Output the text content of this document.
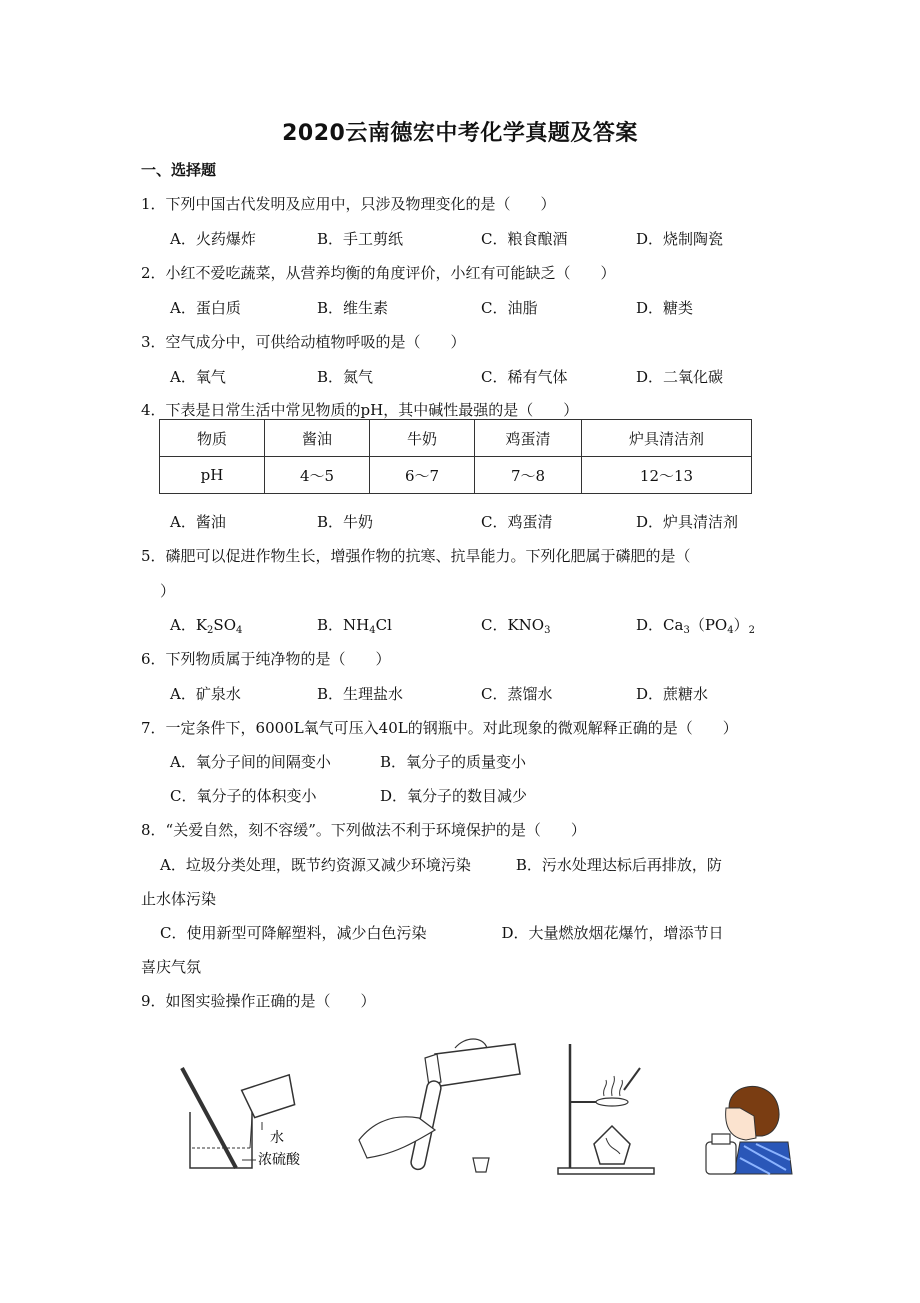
2020云南德宏中考化学真题及答案
一、选择题
1．下列中国古代发明及应用中，只涉及物理变化的是（　　）
A．火药爆炸	B．手工剪纸	C．粮食酿酒	D．烧制陶瓷
2．小红不爱吃蔬菜，从营养均衡的角度评价，小红有可能缺乏（　　）
A．蛋白质	B．维生素	C．油脂	D．糖类
3．空气成分中，可供给动植物呼吸的是（　　）
A．氧气	B．氮气	C．稀有气体	D．二氧化碳
4．下表是日常生活中常见物质的pH，其中碱性最强的是（　　）
物质	酱油	牛奶	鸡蛋清	炉具清洁剂
pH	4～5	6～7	7～8	12～13
A．酱油	B．牛奶	C．鸡蛋清	D．炉具清洁剂
5．磷肥可以促进作物生长，增强作物的抗寒、抗旱能力。下列化肥属于磷肥的是（
）
A．$K_2SO_4$	B．$NH_4Cl$	C．$KNO_3$	D．$Ca_3(PO_4)_2$
6．下列物质属于纯净物的是（　　）
A．矿泉水	B．生理盐水	C．蒸馏水	D．蔗糖水
7．一定条件下，6000L氧气可压入40L的钢瓶中。对此现象的微观解释正确的是（　　）
A．氧分子间的间隔变小	B．氧分子的质量变小
C．氧分子的体积变小	D．氧分子的数目减少
8．“关爱自然，刻不容缓”。下列做法不利于环境保护的是（　　）
A．垃圾分类处理，既节约资源又减少环境污染　　　B．污水处理达标后再排放，防
止水体污染
C．使用新型可降解塑料，减少白色污染　　　　　D．大量燃放烟花爆竹，增添节日
喜庆气氛
9．如图实验操作正确的是（　　）
水
浓硫酸
